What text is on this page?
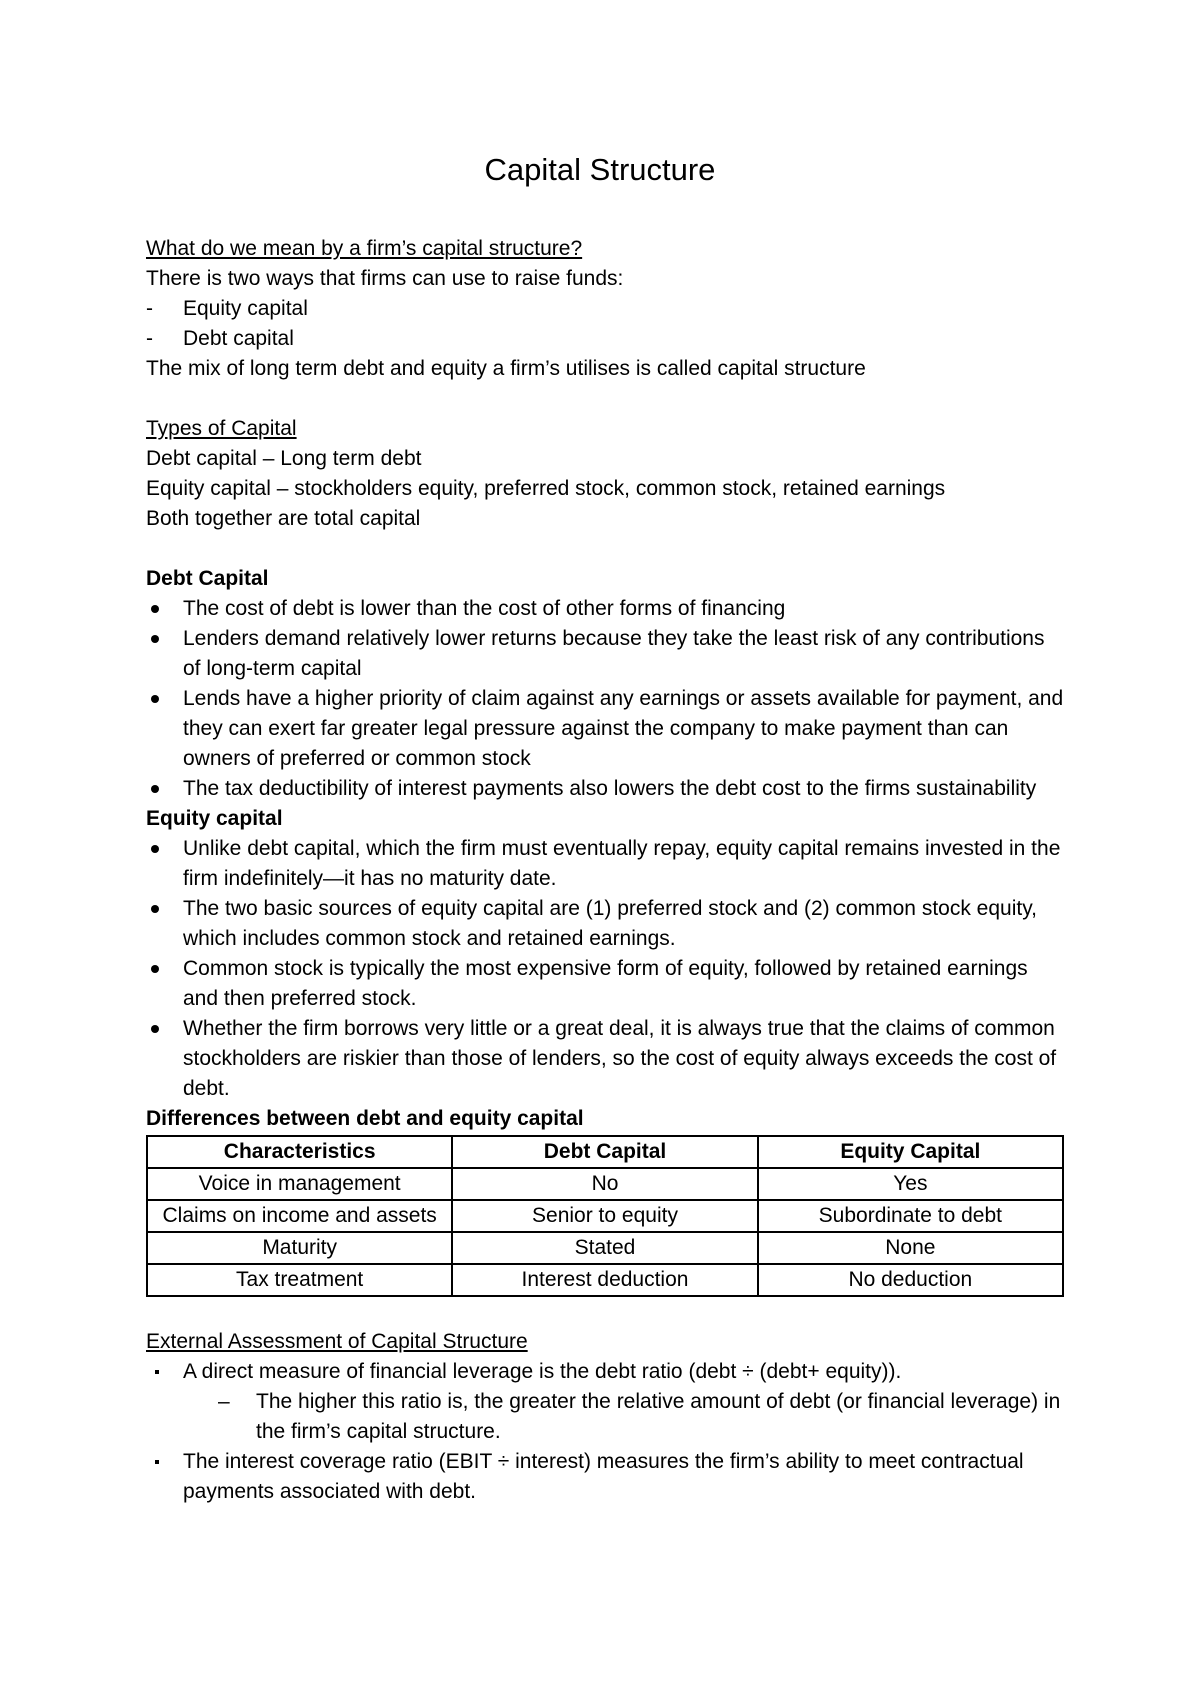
Capital Structure
What do we mean by a firm’s capital structure?
There is two ways that firms can use to raise funds:
- Equity capital
- Debt capital
The mix of long term debt and equity a firm’s utilises is called capital structure
Types of Capital
Debt capital – Long term debt
Equity capital – stockholders equity, preferred stock, common stock, retained earnings
Both together are total capital
Debt Capital
The cost of debt is lower than the cost of other forms of financing
Lenders demand relatively lower returns because they take the least risk of any contributions of long-term capital
Lends have a higher priority of claim against any earnings or assets available for payment, and they can exert far greater legal pressure against the company to make payment than can owners of preferred or common stock
The tax deductibility of interest payments also lowers the debt cost to the firms sustainability
Equity capital
Unlike debt capital, which the firm must eventually repay, equity capital remains invested in the firm indefinitely—it has no maturity date.
The two basic sources of equity capital are (1) preferred stock and (2) common stock equity, which includes common stock and retained earnings.
Common stock is typically the most expensive form of equity, followed by retained earnings and then preferred stock.
Whether the firm borrows very little or a great deal, it is always true that the claims of common stockholders are riskier than those of lenders, so the cost of equity always exceeds the cost of debt.
Differences between debt and equity capital
Characteristics	Debt Capital	Equity Capital
Voice in management	No	Yes
Claims on income and assets	Senior to equity	Subordinate to debt
Maturity	Stated	None
Tax treatment	Interest deduction	No deduction
External Assessment of Capital Structure
A direct measure of financial leverage is the debt ratio (debt ÷ (debt+ equity)).
– The higher this ratio is, the greater the relative amount of debt (or financial leverage) in the firm’s capital structure.
The interest coverage ratio (EBIT ÷ interest) measures the firm’s ability to meet contractual payments associated with debt.
